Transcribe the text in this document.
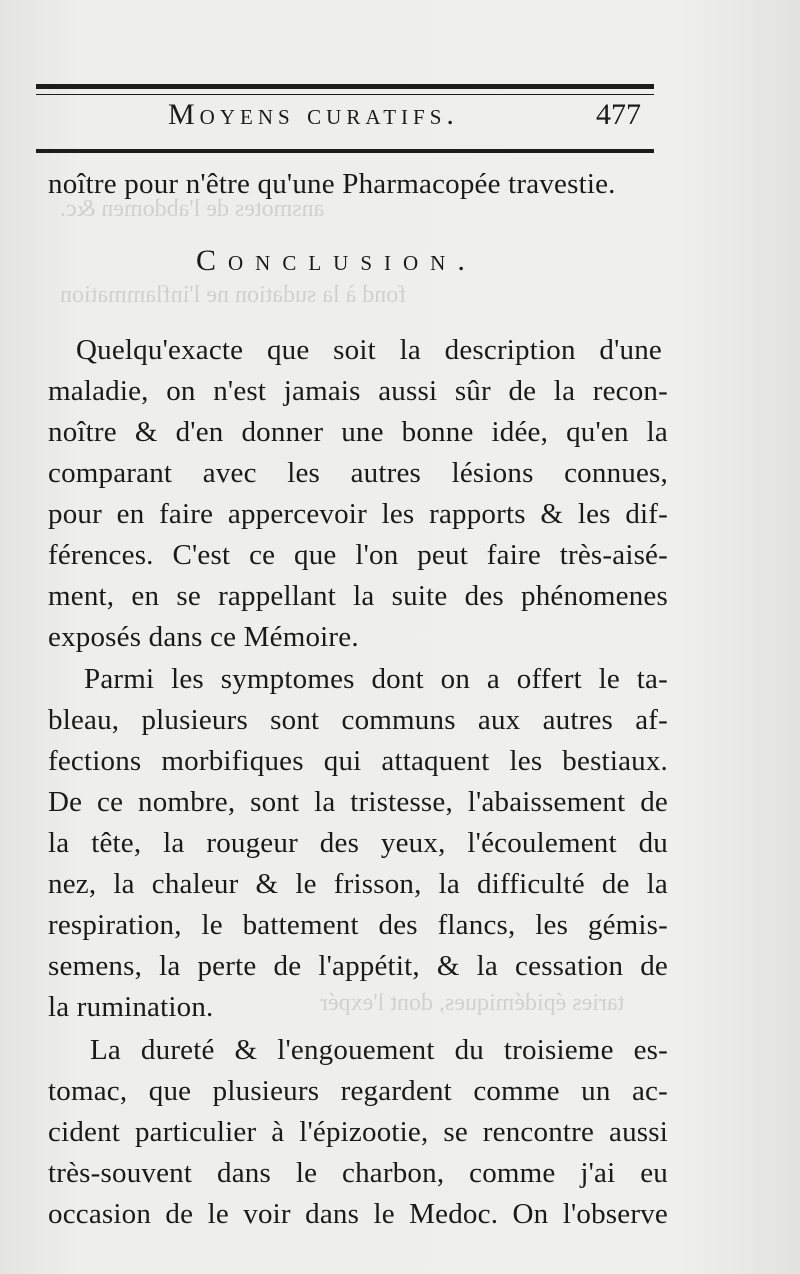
ansmotes de l'abdomen &c.
fond à la sudation ne l'inflammation
taries épidémiques, dont l'expér
Moyens curatifs.	477
noître pour n'être qu'une Pharmacopée travestie.
Conclusion.
Quelqu'exacte que soit la description d'une
maladie, on n'est jamais aussi sûr de la recon-
noître & d'en donner une bonne idée, qu'en la
comparant avec les autres lésions connues,
pour en faire appercevoir les rapports & les dif-
férences. C'est ce que l'on peut faire très-aisé-
ment, en se rappellant la suite des phénomenes
exposés dans ce Mémoire.
Parmi les symptomes dont on a offert le ta-
bleau, plusieurs sont communs aux autres af-
fections morbifiques qui attaquent les bestiaux.
De ce nombre, sont la tristesse, l'abaissement de
la tête, la rougeur des yeux, l'écoulement du
nez, la chaleur & le frisson, la difficulté de la
respiration, le battement des flancs, les gémis-
semens, la perte de l'appétit, & la cessation de
la rumination.
La dureté & l'engouement du troisieme es-
tomac, que plusieurs regardent comme un ac-
cident particulier à l'épizootie, se rencontre aussi
très-souvent dans le charbon, comme j'ai eu
occasion de le voir dans le Medoc. On l'observe
